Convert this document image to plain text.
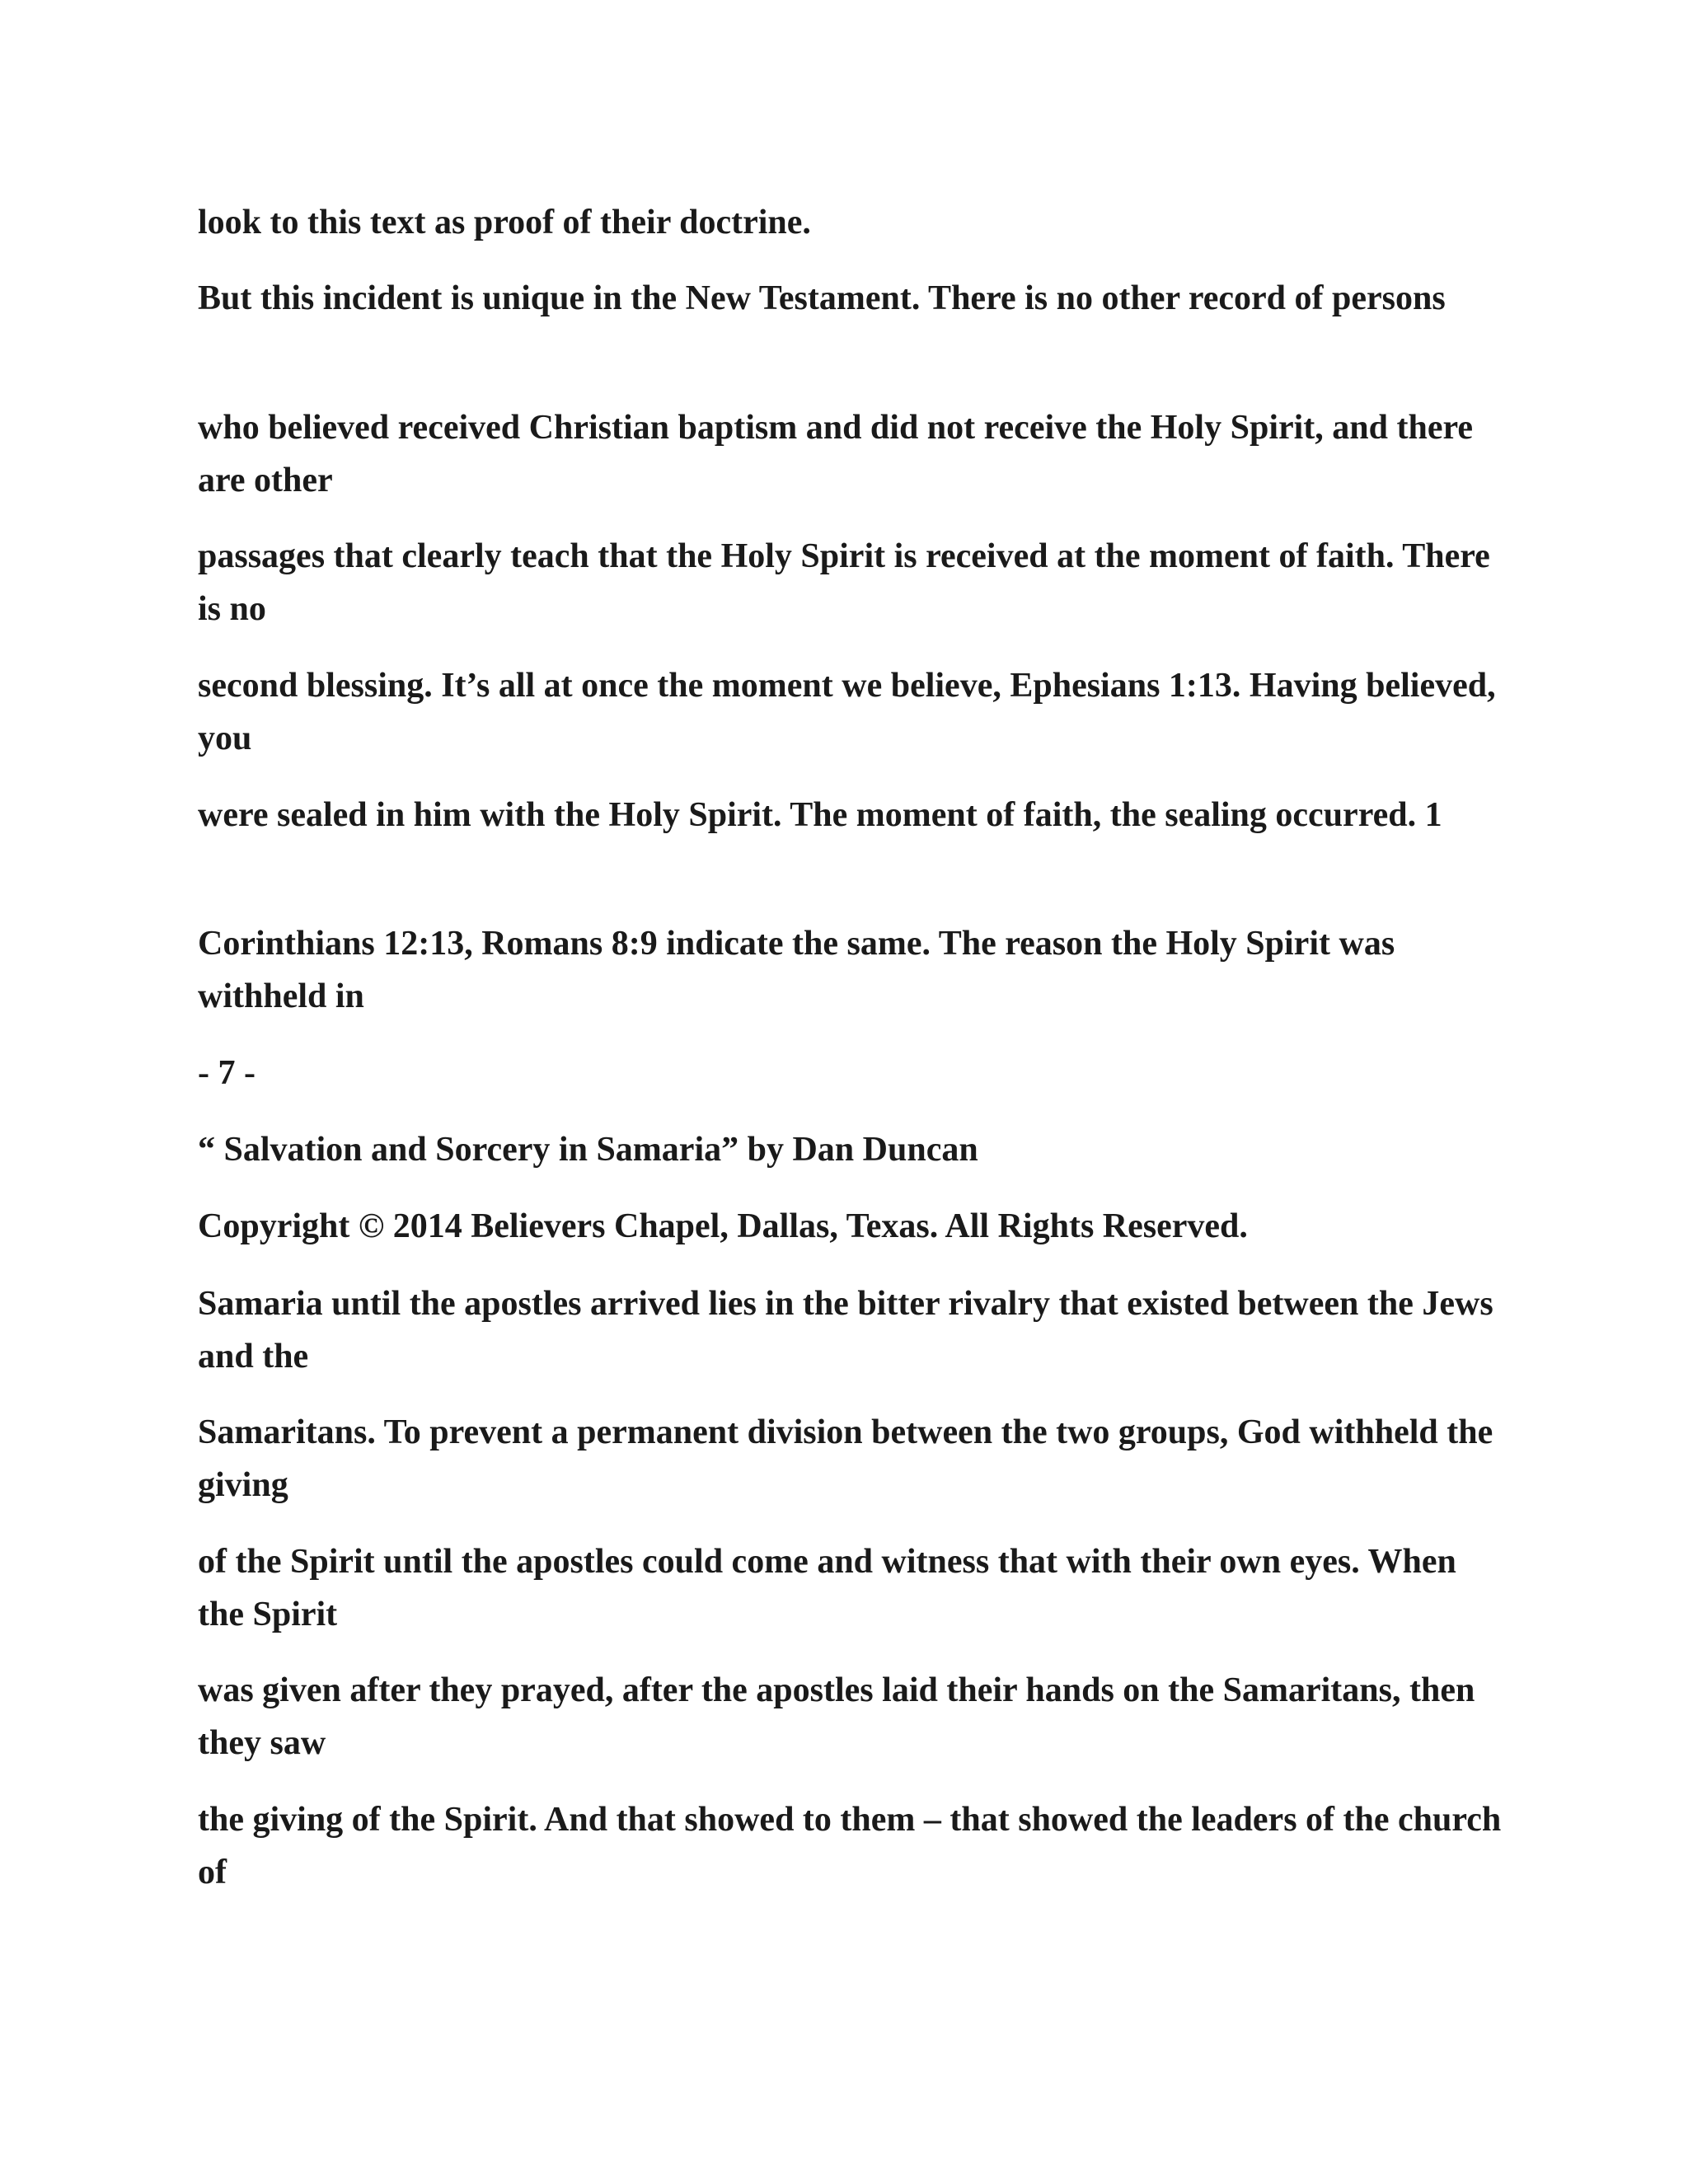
look to this text as proof of their doctrine.

But this incident is unique in the New Testament. There is no other record of persons

who believed received Christian baptism and did not receive the Holy Spirit, and there are other

passages that clearly teach that the Holy Spirit is received at the moment of faith. There is no

second blessing. It’s all at once the moment we believe, Ephesians 1:13. Having believed, you

were sealed in him with the Holy Spirit. The moment of faith, the sealing occurred. 1

Corinthians 12:13, Romans 8:9 indicate the same. The reason the Holy Spirit was withheld in

- 7 -

“ Salvation and Sorcery in Samaria” by Dan Duncan

Copyright © 2014 Believers Chapel, Dallas, Texas. All Rights Reserved.

Samaria until the apostles arrived lies in the bitter rivalry that existed between the Jews and the

Samaritans. To prevent a permanent division between the two groups, God withheld the giving

of the Spirit until the apostles could come and witness that with their own eyes. When the Spirit

was given after they prayed, after the apostles laid their hands on the Samaritans, then they saw

the giving of the Spirit. And that showed to them – that showed the leaders of the church of
